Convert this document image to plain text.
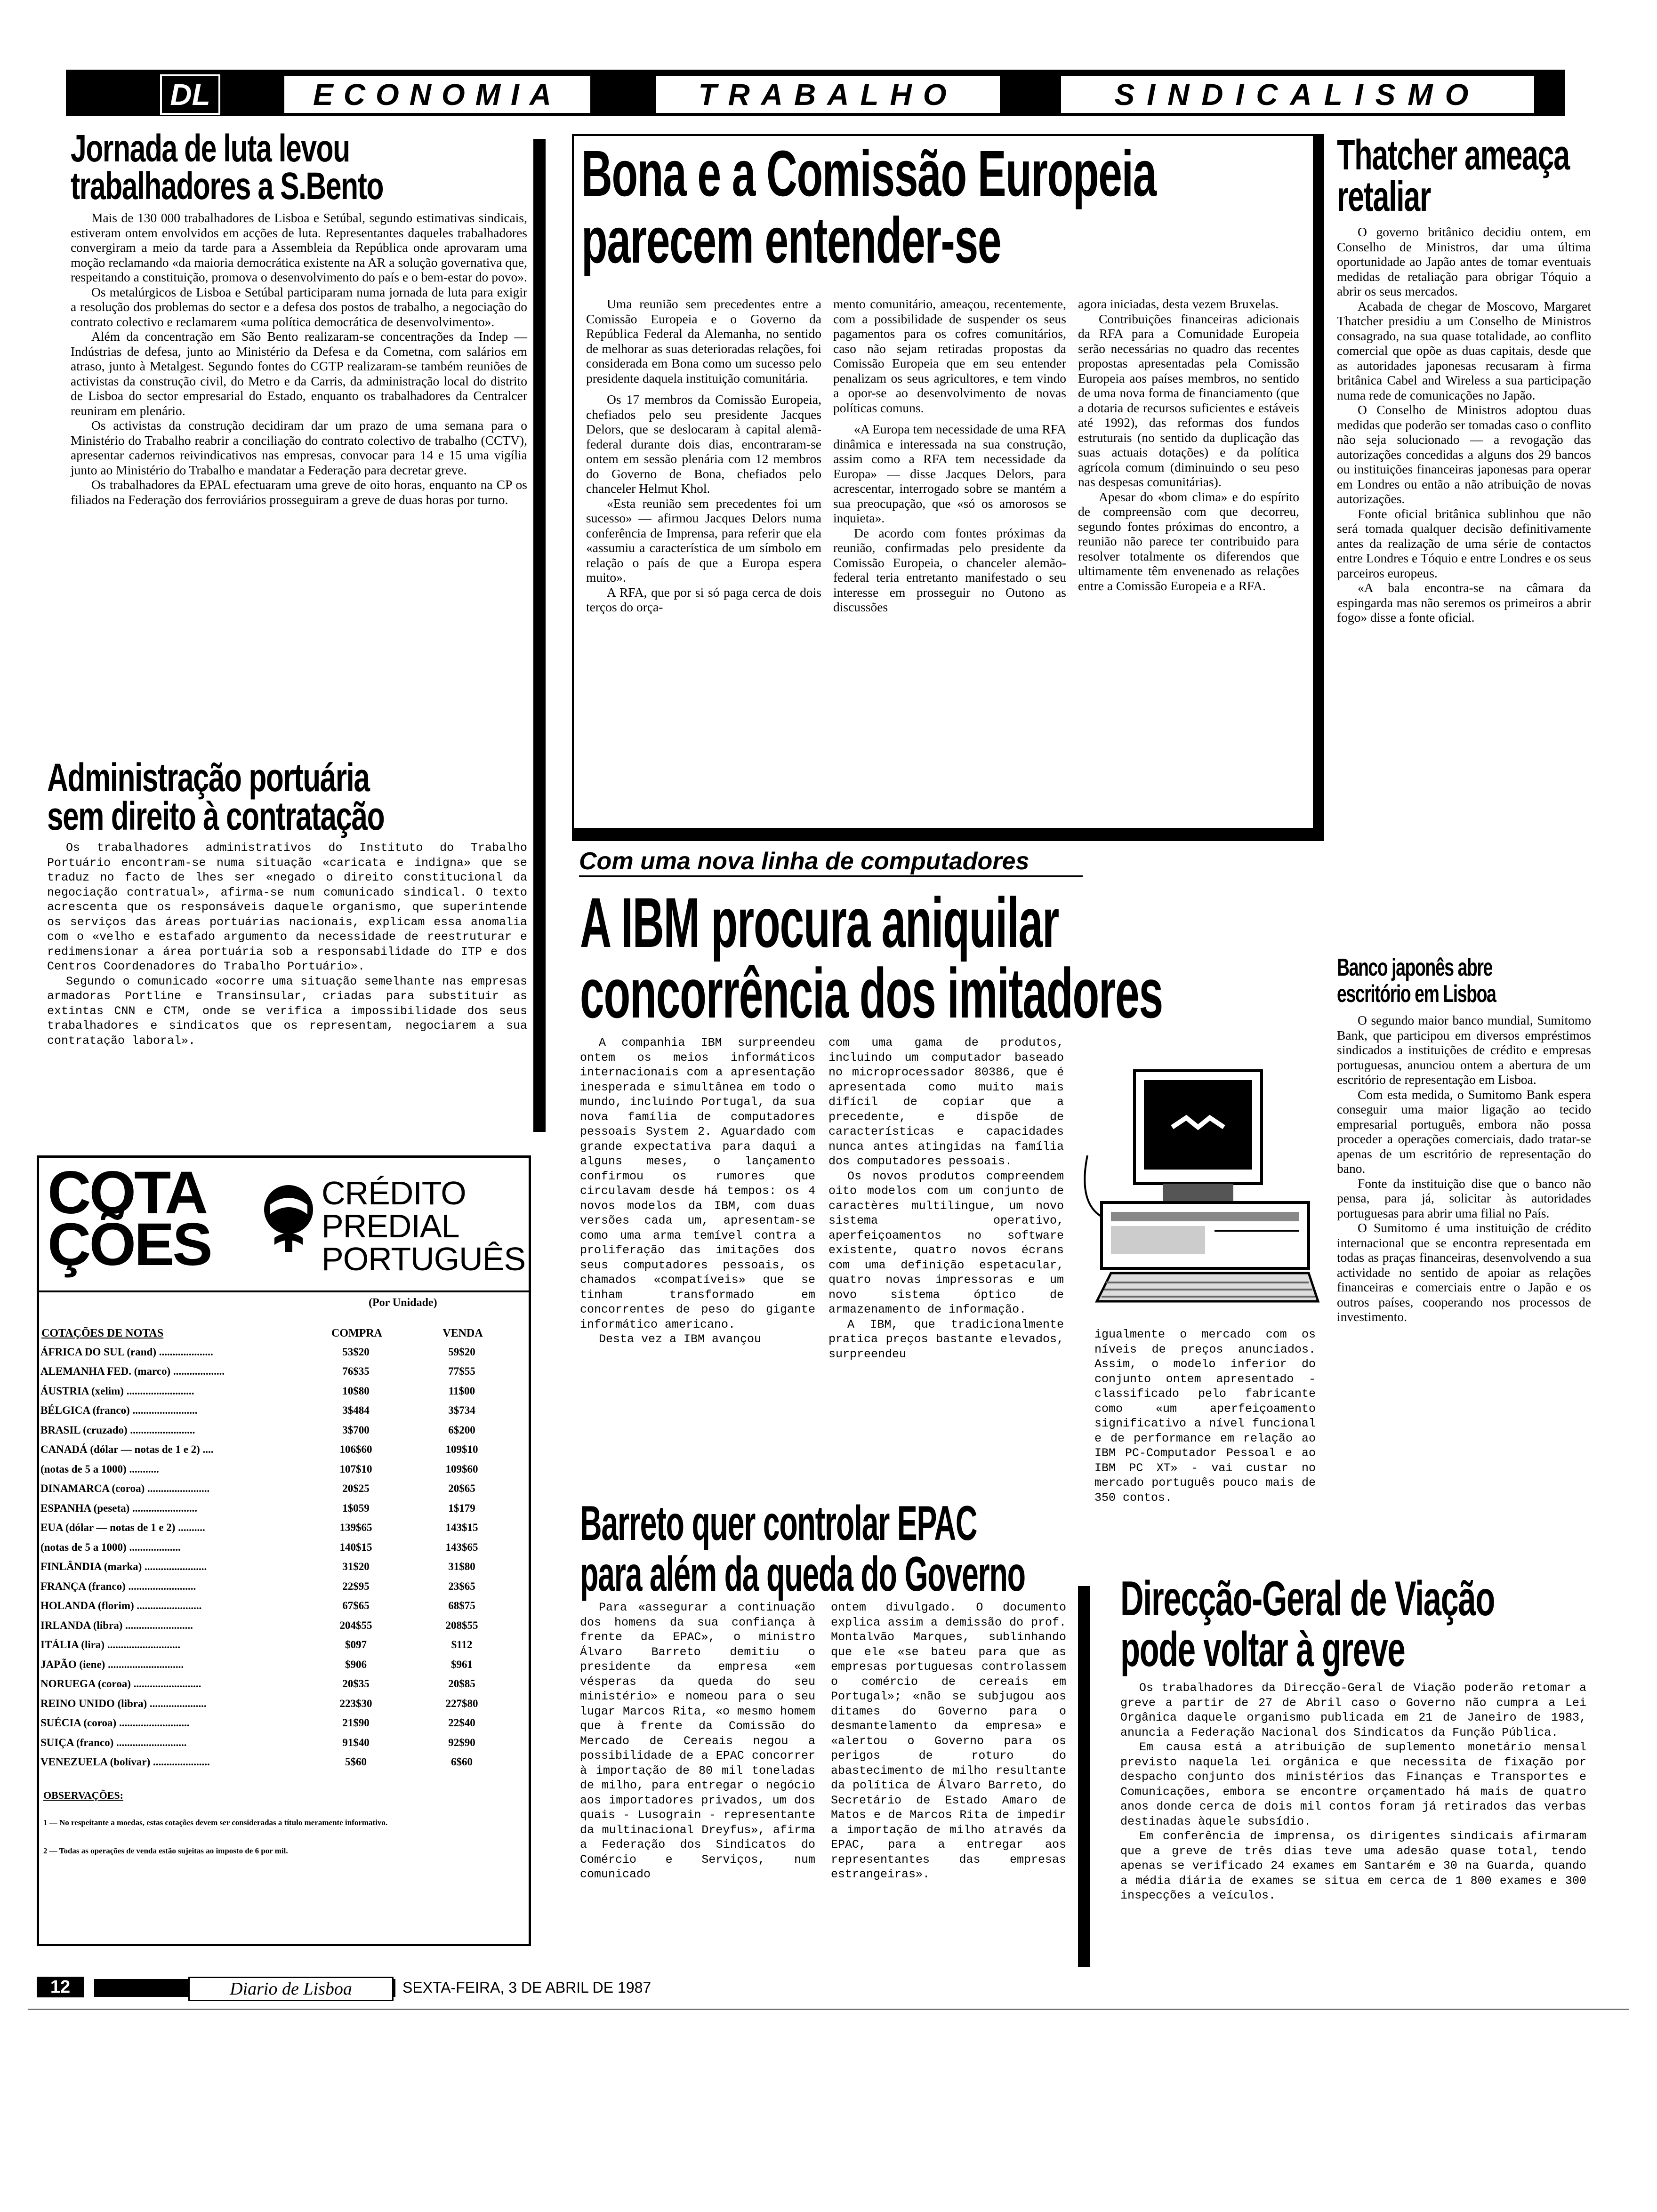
DL	ECONOMIA	TRABALHO	SINDICALISMO
Jornada de luta levou
trabalhadores a S.Bento

Mais de 130 000 trabalhadores de Lisboa e Setúbal, segundo estimativas sindicais, estiveram ontem envolvidos em acções de luta. Representantes daqueles trabalhadores convergiram a meio da tarde para a Assembleia da República onde aprovaram uma moção reclamando «da maioria democrática existente na AR a solução governativa que, respeitando a constituição, promova o desenvolvimento do país e o bem-estar do povo».

Os metalúrgicos de Lisboa e Setúbal participaram numa jornada de luta para exigir a resolução dos problemas do sector e a defesa dos postos de trabalho, a negociação do contrato colectivo e reclamarem «uma política democrática de desenvolvimento».

Além da concentração em São Bento realizaram-se concentrações da Indep — Indústrias de defesa, junto ao Ministério da Defesa e da Cometna, com salários em atraso, junto à Metalgest. Segundo fontes do CGTP realizaram-se também reuniões de activistas da construção civil, do Metro e da Carris, da administração local do distrito de Lisboa do sector empresarial do Estado, enquanto os trabalhadores da Centralcer reuniram em plenário.

Os activistas da construção decidiram dar um prazo de uma semana para o Ministério do Trabalho reabrir a conciliação do contrato colectivo de trabalho (CCTV), apresentar cadernos reivindicativos nas empresas, convocar para 14 e 15 uma vigília junto ao Ministério do Trabalho e mandatar a Federação para decretar greve.

Os trabalhadores da EPAL efectuaram uma greve de oito horas, enquanto na CP os filiados na Federação dos ferroviários prosseguiram a greve de duas horas por turno.

Administração portuária
sem direito à contratação

Os trabalhadores administrativos do Instituto do Trabalho Portuário encontram-se numa situação «caricata e indigna» que se traduz no facto de lhes ser «negado o direito constitucional da negociação contratual», afirma-se num comunicado sindical. O texto acrescenta que os responsáveis daquele organismo, que superintende os serviços das áreas portuárias nacionais, explicam essa anomalia com o «velho e estafado argumento da necessidade de reestruturar e redimensionar a área portuária sob a responsabilidade do ITP e dos Centros Coordenadores do Trabalho Portuário».

Segundo o comunicado «ocorre uma situação semelhante nas empresas armadoras Portline e Transinsular, criadas para substituir as extintas CNN e CTM, onde se verifica a impossibilidade dos seus trabalhadores e sindicatos que os representam, negociarem a sua contratação laboral».

COTA
ÇÕES
CRÉDITO
PREDIAL
PORTUGUÊS
(Por Unidade)
COTAÇÕES DE NOTAS	COMPRA	VENDA
ÁFRICA DO SUL (rand) ....................	53$20	59$20
ALEMANHA FED. (marco) ...................	76$35	77$55
ÁUSTRIA (xelim) .........................	10$80	11$00
BÉLGICA (franco) ........................	3$484	3$734
BRASIL (cruzado) ........................	3$700	6$200
CANADÁ (dólar — notas de 1 e 2) ....	106$60	109$10
(notas de 5 a 1000) ...........	107$10	109$60
DINAMARCA (coroa) .......................	20$25	20$65
ESPANHA (peseta) ........................	1$059	1$179
EUA (dólar — notas de 1 e 2) ..........	139$65	143$15
(notas de 5 a 1000) ...................	140$15	143$65
FINLÂNDIA (marka) .......................	31$20	31$80
FRANÇA (franco) .........................	22$95	23$65
HOLANDA (florim) ........................	67$65	68$75
IRLANDA (libra) .........................	204$55	208$55
ITÁLIA (lira) ...........................	$097	$112
JAPÃO (iene) ............................	$906	$961
NORUEGA (coroa) .........................	20$35	20$85
REINO UNIDO (libra) .....................	223$30	227$80
SUÉCIA (coroa) ..........................	21$90	22$40
SUIÇA (franco) ..........................	91$40	92$90
VENEZUELA (bolívar) .....................	5$60	6$60
OBSERVAÇÕES:
1 — No respeitante a moedas, estas cotações devem ser consideradas a título meramente informativo.
2 — Todas as operações de venda estão sujeitas ao imposto de 6 por mil.
Bona e a Comissão Europeia
parecem entender-se

Uma reunião sem precedentes entre a Comissão Europeia e o Governo da República Federal da Alemanha, no sentido de melhorar as suas deterioradas relações, foi considerada em Bona como um sucesso pelo presidente daquela instituição comunitária.

Os 17 membros da Comissão Europeia, chefiados pelo seu presidente Jacques Delors, que se deslocaram à capital alemã-federal durante dois dias, encontraram-se ontem em sessão plenária com 12 membros do Governo de Bona, chefiados pelo chanceler Helmut Khol.

«Esta reunião sem precedentes foi um sucesso» — afirmou Jacques Delors numa conferência de Imprensa, para referir que ela «assumiu a característica de um símbolo em relação o país de que a Europa espera muito».

A RFA, que por si só paga cerca de dois terços do orça-

mento comunitário, ameaçou, recentemente, com a possibilidade de suspender os seus pagamentos para os cofres comunitários, caso não sejam retiradas propostas da Comissão Europeia que em seu entender penalizam os seus agricultores, e tem vindo a opor-se ao desenvolvimento de novas políticas comuns.

«A Europa tem necessidade de uma RFA dinâmica e interessada na sua construção, assim como a RFA tem necessidade da Europa» — disse Jacques Delors, para acrescentar, interrogado sobre se mantém a sua preocupação, que «só os amorosos se inquieta».

De acordo com fontes próximas da reunião, confirmadas pelo presidente da Comissão Europeia, o chanceler alemão-federal teria entretanto manifestado o seu interesse em prosseguir no Outono as discussões

agora iniciadas, desta vezem Bruxelas.

Contribuições financeiras adicionais da RFA para a Comunidade Europeia serão necessárias no quadro das recentes propostas apresentadas pela Comissão Europeia aos países membros, no sentido de uma nova forma de financiamento (que a dotaria de recursos suficientes e estáveis até 1992), das reformas dos fundos estruturais (no sentido da duplicação das suas actuais dotações) e da política agrícola comum (diminuindo o seu peso nas despesas comunitárias).

Apesar do «bom clima» e do espírito de compreensão com que decorreu, segundo fontes próximas do encontro, a reunião não parece ter contribuido para resolver totalmente os diferendos que ultimamente têm envenenado as relações entre a Comissão Europeia e a RFA.

Com uma nova linha de computadores
A IBM procura aniquilar
concorrência dos imitadores

A companhia IBM surpreendeu ontem os meios informáticos internacionais com a apresentação inesperada e simultânea em todo o mundo, incluindo Portugal, da sua nova família de computadores pessoais System 2. Aguardado com grande expectativa para daqui a alguns meses, o lançamento confirmou os rumores que circulavam desde há tempos: os 4 novos modelos da IBM, com duas versões cada um, apresentam-se como uma arma temível contra a proliferação das imitações dos seus computadores pessoais, os chamados «compatíveis» que se tinham transformado em concorrentes de peso do gigante informático americano.

Desta vez a IBM avançou

com uma gama de produtos, incluindo um computador baseado no microprocessador 80386, que é apresentada como muito mais difícil de copiar que a precedente, e dispõe de características e capacidades nunca antes atingidas na família dos computadores pessoais.

Os novos produtos compreendem oito modelos com um conjunto de caractères multilingue, um novo sistema operativo, aperfeiçoamentos no software existente, quatro novos écrans com uma definição espetacular, quatro novas impressoras e um novo sistema óptico de armazenamento de informação.

A IBM, que tradicionalmente pratica preços bastante elevados, surpreendeu

igualmente o mercado com os níveis de preços anunciados. Assim, o modelo inferior do conjunto ontem apresentado - classificado pelo fabricante como «um aperfeiçoamento significativo a nível funcional e de performance em relação ao IBM PC-Computador Pessoal e ao IBM PC XT» - vai custar no mercado português pouco mais de 350 contos.

Barreto quer controlar EPAC
para além da queda do Governo

Para «assegurar a continuação dos homens da sua confiança à frente da EPAC», o ministro Álvaro Barreto demitiu o presidente da empresa «em vésperas da queda do seu ministério» e nomeou para o seu lugar Marcos Rita, «o mesmo homem que à frente da Comissão do Mercado de Cereais negou a possibilidade de a EPAC concorrer à importação de 80 mil toneladas de milho, para entregar o negócio aos importadores privados, um dos quais - Lusograin - representante da multinacional Dreyfus», afirma a Federação dos Sindicatos do Comércio e Serviços, num comunicado

ontem divulgado. O documento explica assim a demissão do prof. Montalvão Marques, sublinhando que ele «se bateu para que as empresas portuguesas controlassem o comércio de cereais em Portugal»; «não se subjugou aos ditames do Governo para o desmantelamento da empresa» e «alertou o Governo para os perigos de roturo do abastecimento de milho resultante da política de Álvaro Barreto, do Secretário de Estado Amaro de Matos e de Marcos Rita de impedir a importação de milho através da EPAC, para a entregar aos representantes das empresas estrangeiras».

Thatcher ameaça
retaliar

O governo britânico decidiu ontem, em Conselho de Ministros, dar uma última oportunidade ao Japão antes de tomar eventuais medidas de retaliação para obrigar Tóquio a abrir os seus mercados.

Acabada de chegar de Moscovo, Margaret Thatcher presidiu a um Conselho de Ministros consagrado, na sua quase totalidade, ao conflito comercial que opõe as duas capitais, desde que as autoridades japonesas recusaram à firma britânica Cabel and Wireless a sua participação numa rede de comunicações no Japão.

O Conselho de Ministros adoptou duas medidas que poderão ser tomadas caso o conflito não seja solucionado — a revogação das autorizações concedidas a alguns dos 29 bancos ou instituições financeiras japonesas para operar em Londres ou então a não atribuição de novas autorizações.

Fonte oficial britânica sublinhou que não será tomada qualquer decisão definitivamente antes da realização de uma série de contactos entre Londres e Tóquio e entre Londres e os seus parceiros europeus.

«A bala encontra-se na câmara da espingarda mas não seremos os primeiros a abrir fogo» disse a fonte oficial.

Banco japonês abre
escritório em Lisboa

O segundo maior banco mundial, Sumitomo Bank, que participou em diversos empréstimos sindicados a instituições de crédito e empresas portuguesas, anunciou ontem a abertura de um escritório de representação em Lisboa.

Com esta medida, o Sumitomo Bank espera conseguir uma maior ligação ao tecido empresarial português, embora não possa proceder a operações comerciais, dado tratar-se apenas de um escritório de representação do bano.

Fonte da instituição dise que o banco não pensa, para já, solicitar às autoridades portuguesas para abrir uma filial no País.

O Sumitomo é uma instituição de crédito internacional que se encontra representada em todas as praças financeiras, desenvolvendo a sua actividade no sentido de apoiar as relações financeiras e comerciais entre o Japão e os outros países, cooperando nos processos de investimento.

Direcção-Geral de Viação
pode voltar à greve

Os trabalhadores da Direcção-Geral de Viação poderão retomar a greve a partir de 27 de Abril caso o Governo não cumpra a Lei Orgânica daquele organismo publicada em 21 de Janeiro de 1983, anuncia a Federação Nacional dos Sindicatos da Função Pública.

Em causa está a atribuição de suplemento monetário mensal previsto naquela lei orgânica e que necessita de fixação por despacho conjunto dos ministérios das Finanças e Transportes e Comunicações, embora se encontre orçamentado há mais de quatro anos donde cerca de dois mil contos foram já retirados das verbas destinadas àquele subsídio.

Em conferência de imprensa, os dirigentes sindicais afirmaram que a greve de três dias teve uma adesão quase total, tendo apenas se verificado 24 exames em Santarém e 30 na Guarda, quando a média diária de exames se situa em cerca de 1 800 exames e 300 inspecções a veículos.

12	Diario de Lisboa	SEXTA-FEIRA, 3 DE ABRIL DE 1987
